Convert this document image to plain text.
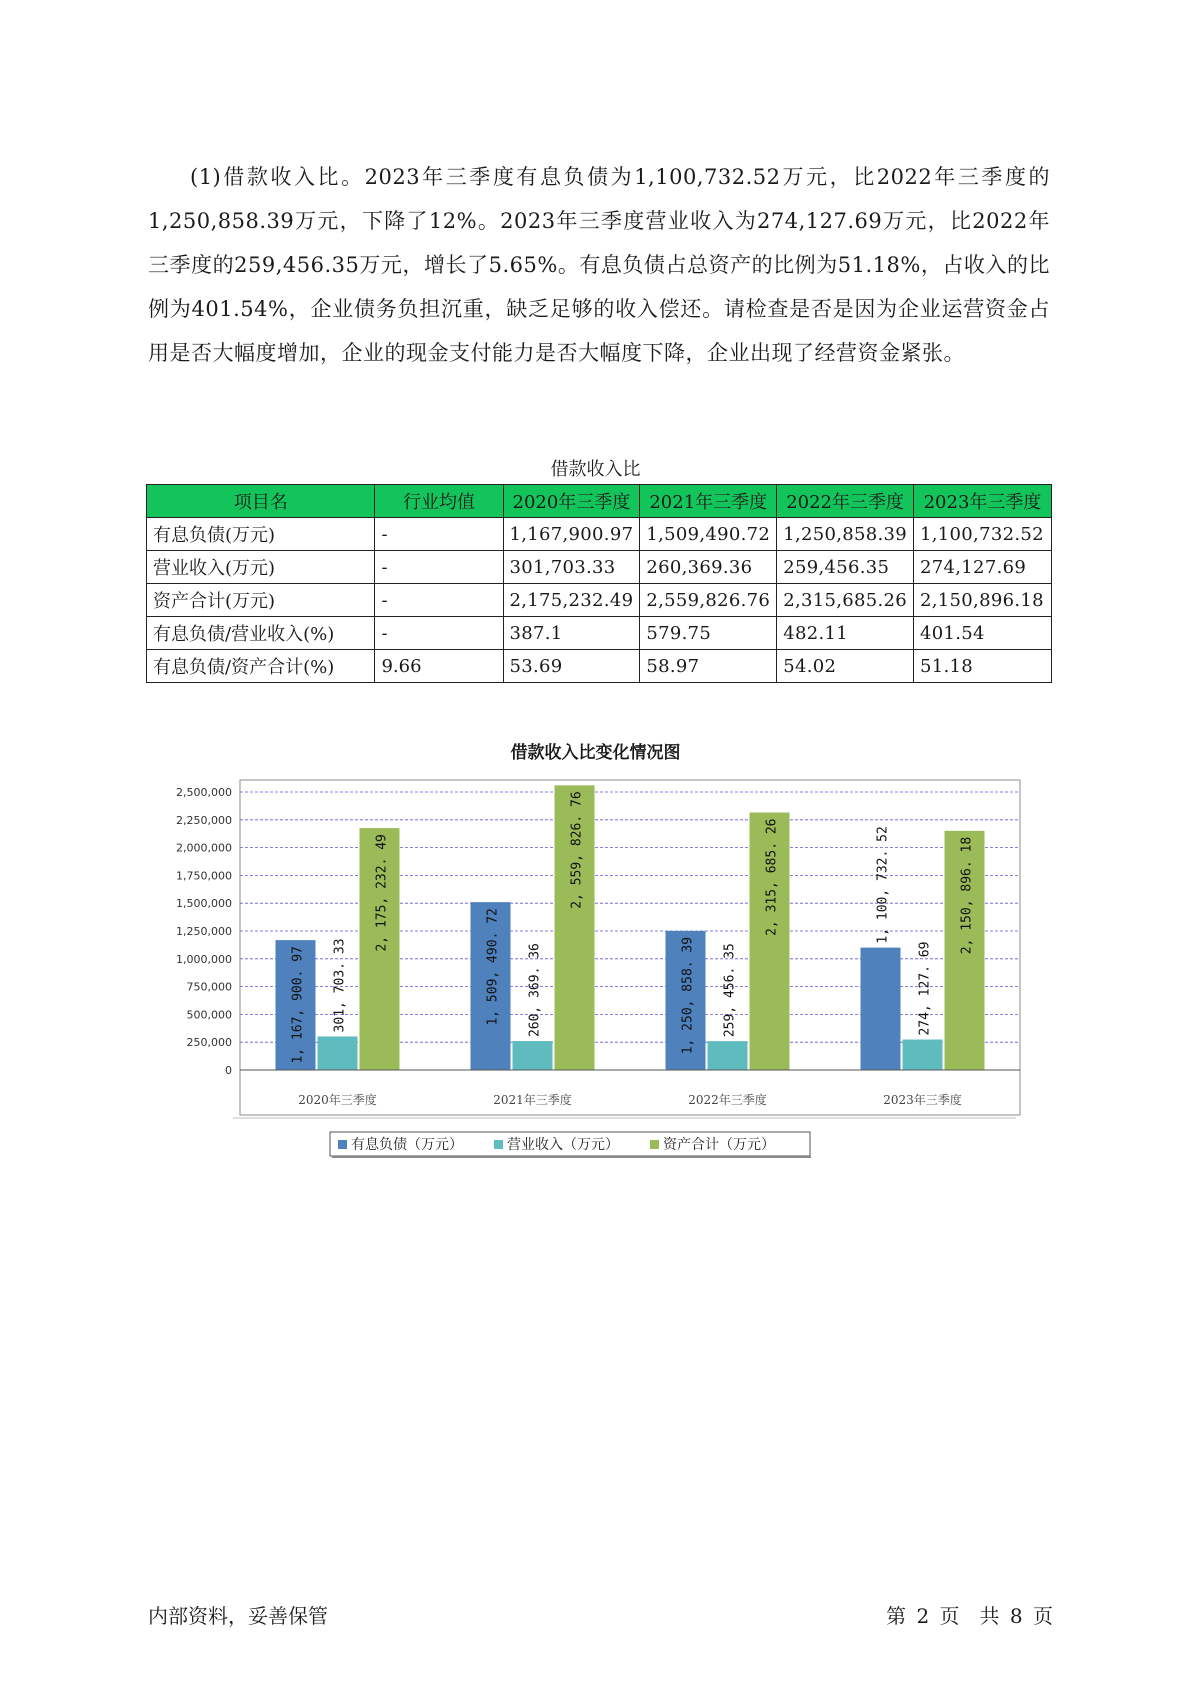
(1)借款收入比。2023年三季度有息负债为1,100,732.52万元，比2022年三季度的1,250,858.39万元，下降了12%。2023年三季度营业收入为274,127.69万元，比2022年三季度的259,456.35万元，增长了5.65%。有息负债占总资产的比例为51.18%，占收入的比例为401.54%，企业债务负担沉重，缺乏足够的收入偿还。请检查是否是因为企业运营资金占用是否大幅度增加，企业的现金支付能力是否大幅度下降，企业出现了经营资金紧张。

借款收入比
项目名	行业均值	2020年三季度	2021年三季度	2022年三季度	2023年三季度
有息负债(万元)	-	1,167,900.97	1,509,490.72	1,250,858.39	1,100,732.52
营业收入(万元)	-	301,703.33	260,369.36	259,456.35	274,127.69
资产合计(万元)	-	2,175,232.49	2,559,826.76	2,315,685.26	2,150,896.18
有息负债/营业收入(%)	-	387.1	579.75	482.11	401.54
有息负债/资产合计(%)	9.66	53.69	58.97	54.02	51.18
借款收入比变化情况图
1, 167, 900. 97 301, 703. 33
2, 175, 232. 49
1, 509, 490. 72 260, 369. 36
2, 559, 826. 76
1, 250, 858. 39 259, 456. 35
2, 315, 685. 26	1, 100, 732. 52
274, 127. 69
2, 150, 896. 18
0
250,000
500,000
750,000
1,000,000
1,250,000
1,500,000
1,750,000
2,000,000
2,250,000
2,500,000
2020年三季度	2021年三季度	2022年三季度	2023年三季度
有息负债（万元）	营业收入（万元）	资产合计（万元）
内部资料，妥善保管	第 2 页　共 8 页
